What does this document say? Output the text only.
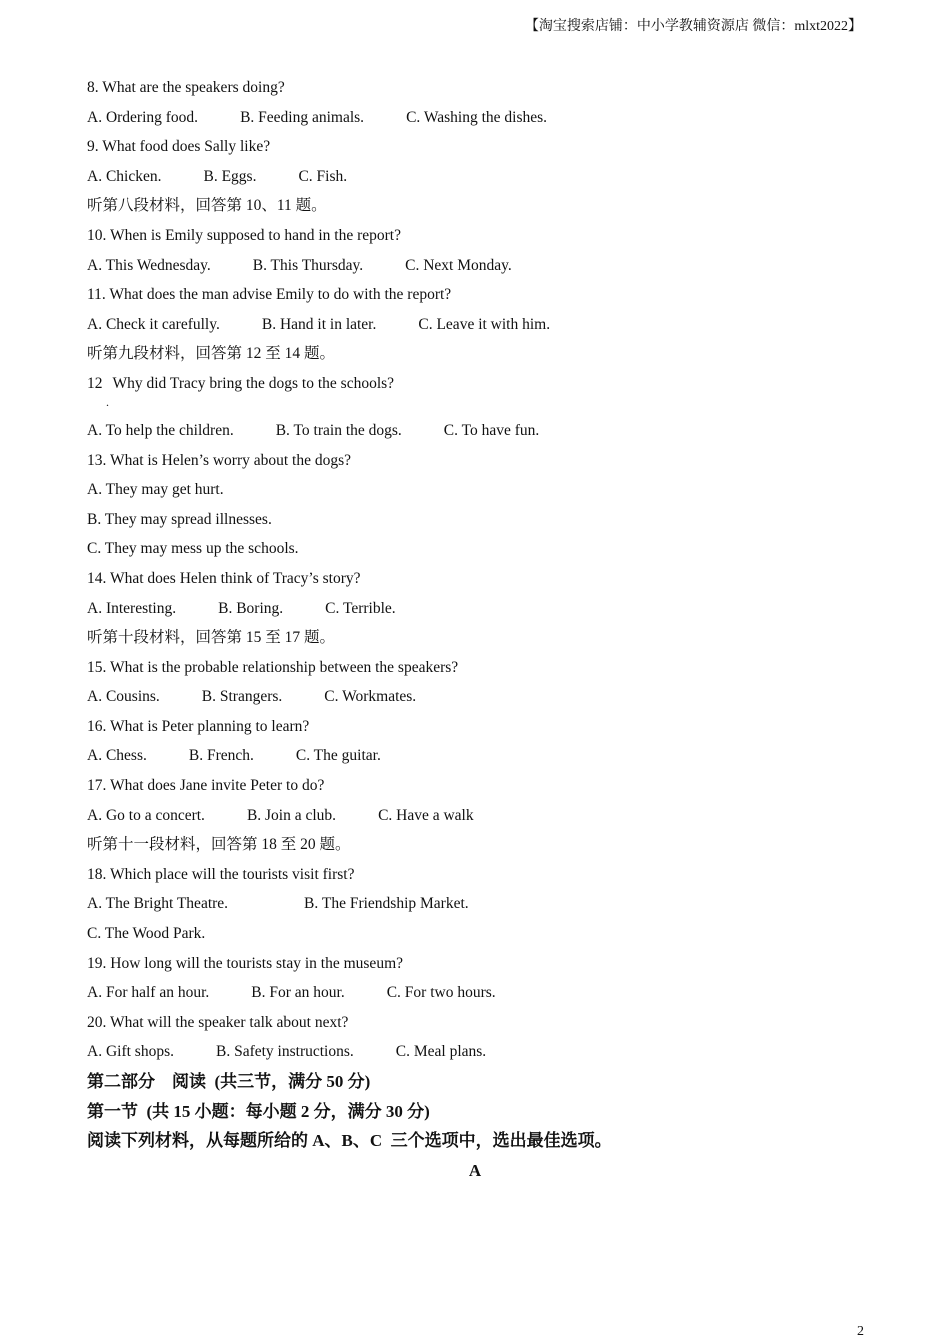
【淘宝搜索店铺：中小学教辅资源店 微信：mlxt2022】
8. What are the speakers doing?
A. Ordering food.	B. Feeding animals.	C. Washing the dishes.
9. What food does Sally like?
A. Chicken.	B. Eggs.	C. Fish.
听第八段材料，回答第 10、11 题。
10. When is Emily supposed to hand in the report?
A. This Wednesday.	B. This Thursday.	C. Next Monday.
11. What does the man advise Emily to do with the report?
A. Check it carefully.	B. Hand it in later.	C. Leave it with him.
听第九段材料，回答第 12 至 14 题。
12
.
Why did Tracy bring the dogs to the schools?
A. To help the children.	B. To train the dogs.	C. To have fun.
13. What is Helen’s worry about the dogs?
A. They may get hurt.
B. They may spread illnesses.
C. They may mess up the schools.
14. What does Helen think of Tracy’s story?
A. Interesting.	B. Boring.	C. Terrible.
听第十段材料，回答第 15 至 17 题。
15. What is the probable relationship between the speakers?
A. Cousins.	B. Strangers.	C. Workmates.
16. What is Peter planning to learn?
A. Chess.	B. French.	C. The guitar.
17. What does Jane invite Peter to do?
A. Go to a concert.	B. Join a club.	C. Have a walk
听第十一段材料，回答第 18 至 20 题。
18. Which place will the tourists visit first?
A. The Bright Theatre.	B. The Friendship Market.
C. The Wood Park.
19. How long will the tourists stay in the museum?
A. For half an hour.	B. For an hour.	C. For two hours.
20. What will the speaker talk about next?
A. Gift shops.	B. Safety instructions.	C. Meal plans.
第二部分    阅读  (共三节，满分 50 分)
第一节  (共 15 小题：每小题 2 分，满分 30 分)
阅读下列材料，从每题所给的 A、B、C  三个选项中，选出最佳选项。
A
2
